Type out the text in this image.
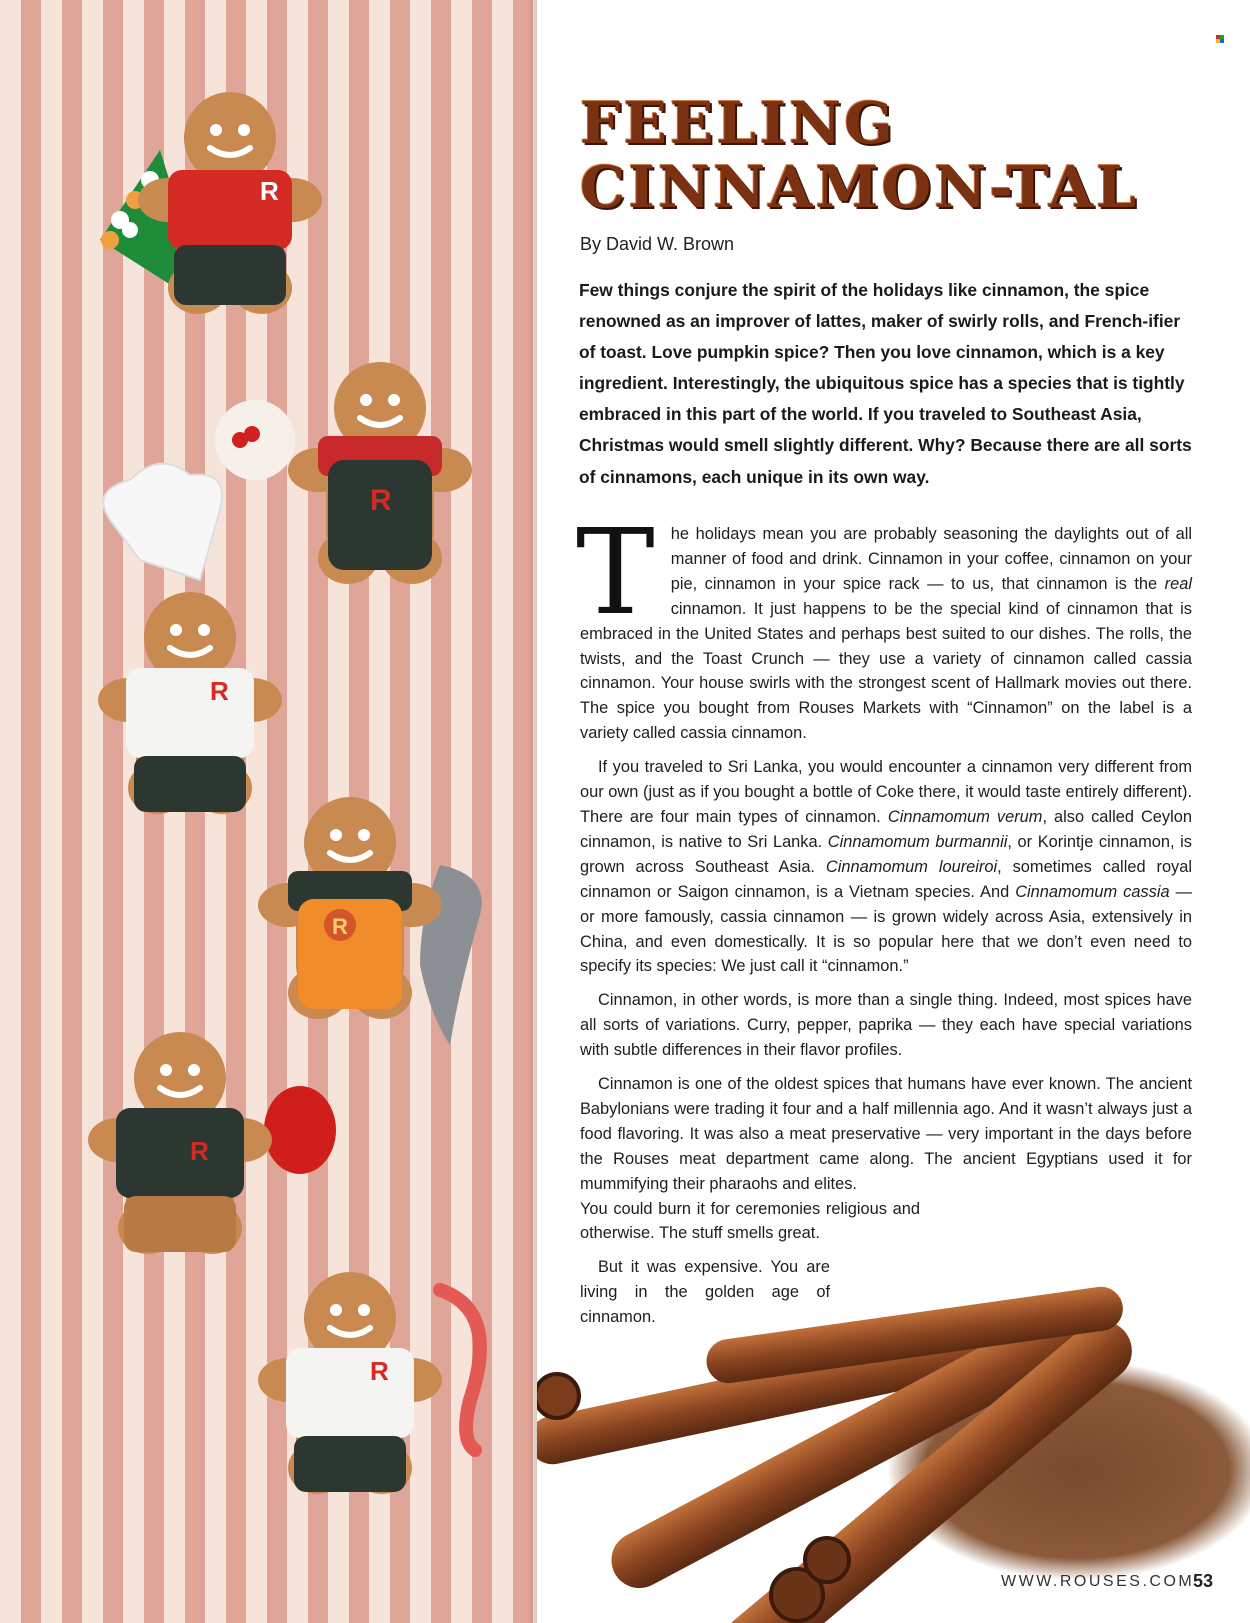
R
R
R
R
R
R
FEELING
CINNAMON-TAL
By David W. Brown

Few things conjure the spirit of the holidays like cinnamon, the spice renowned as an improver of lattes, maker of swirly rolls, and French-ifier of toast. Love pumpkin spice? Then you love cinnamon, which is a key ingredient. Interestingly, the ubiquitous spice has a species that is tightly embraced in this part of the world. If you traveled to Southeast Asia, Christmas would smell slightly different. Why? Because there are all sorts of cinnamons, each unique in its own way.

The holidays mean you are probably seasoning the daylights out of all manner of food and drink. Cinnamon in your coffee, cinnamon on your pie, cinnamon in your spice rack — to us, that cinnamon is the real cinnamon. It just happens to be the special kind of cinnamon that is embraced in the United States and perhaps best suited to our dishes. The rolls, the twists, and the Toast Crunch — they use a variety of cinnamon called cassia cinnamon. Your house swirls with the strongest scent of Hallmark movies out there. The spice you bought from Rouses Markets with “Cinnamon” on the label is a variety called cassia cinnamon.

If you traveled to Sri Lanka, you would encounter a cinnamon very different from our own (just as if you bought a bottle of Coke there, it would taste entirely different). There are four main types of cinnamon. Cinnamomum verum, also called Ceylon cinnamon, is native to Sri Lanka. Cinnamomum burmannii, or Korintje cinnamon, is grown across Southeast Asia. Cinnamomum loureiroi, sometimes called royal cinnamon or Saigon cinnamon, is a Vietnam species. And Cinnamomum cassia — or more famously, cassia cinnamon — is grown widely across Asia, extensively in China, and even domestically. It is so popular here that we don’t even need to specify its species: We just call it “cinnamon.”

Cinnamon, in other words, is more than a single thing. Indeed, most spices have all sorts of variations. Curry, pepper, paprika — they each have special variations with subtle differences in their flavor profiles.

Cinnamon is one of the oldest spices that humans have ever known. The ancient Babylonians were trading it four and a half millennia ago. And it wasn’t always just a food flavoring. It was also a meat preservative — very important in the days before the Rouses meat department came along. The ancient Egyptians used it for mummifying their pharaohs and elites.

You could burn it for ceremonies religious and otherwise. The stuff smells great.

But it was expensive. You are living in the golden age of cinnamon.

WWW.ROUSES.COM
53
